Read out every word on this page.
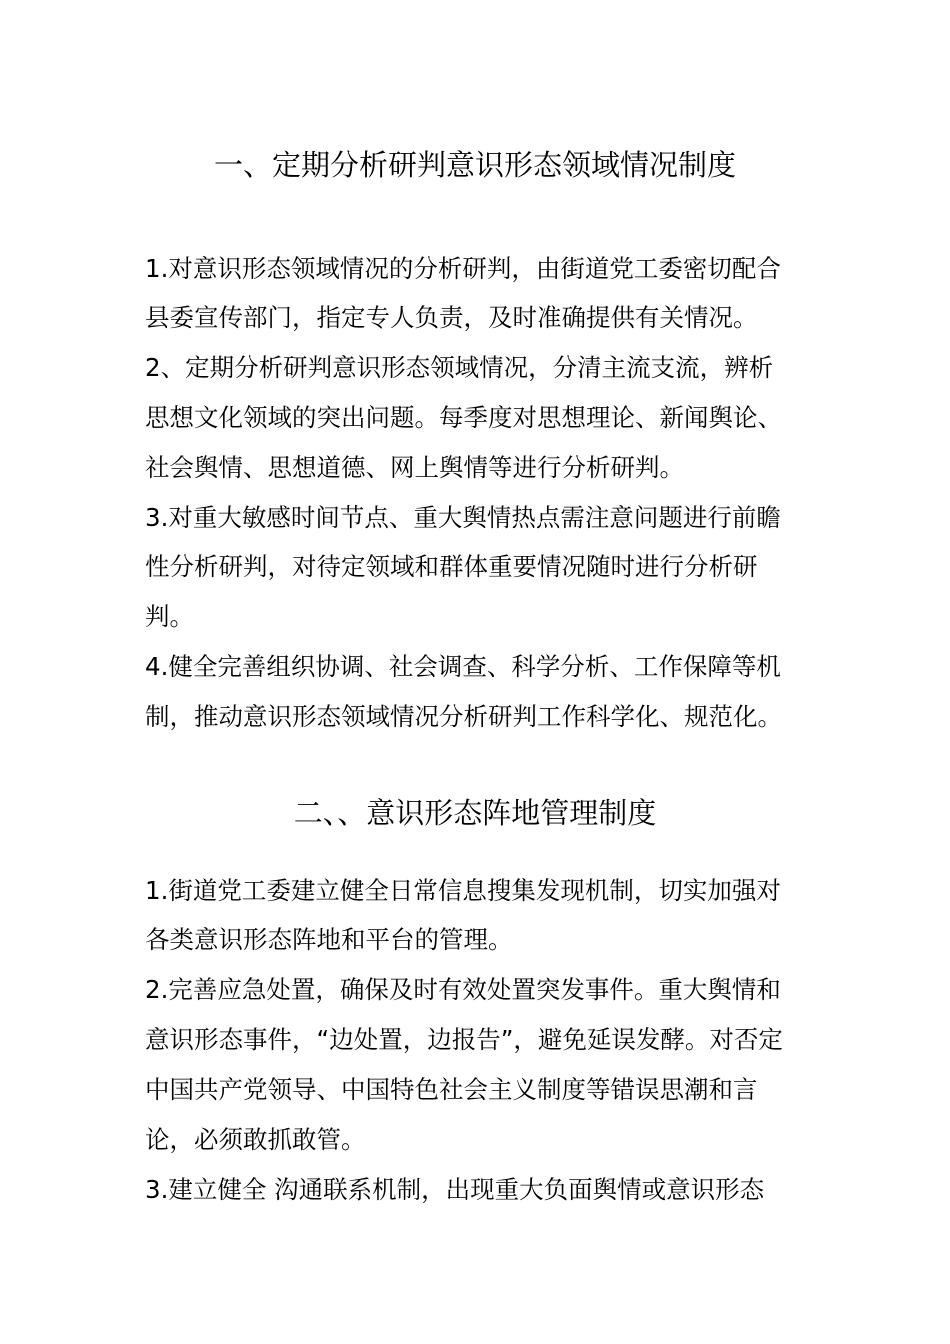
一、定期分析研判意识形态领域情况制度
1.对意识形态领域情况的分析研判，由街道党工委密切配合
县委宣传部门，指定专人负责，及时准确提供有关情况。
2、定期分析研判意识形态领域情况，分清主流支流，辨析
思想文化领域的突出问题。每季度对思想理论、新闻舆论、
社会舆情、思想道德、网上舆情等进行分析研判。
3.对重大敏感时间节点、重大舆情热点需注意问题进行前瞻
性分析研判，对待定领域和群体重要情况随时进行分析研
判。
4.健全完善组织协调、社会调查、科学分析、工作保障等机
制，推动意识形态领域情况分析研判工作科学化、规范化。
二、、意识形态阵地管理制度
1.街道党工委建立健全日常信息搜集发现机制，切实加强对
各类意识形态阵地和平台的管理。
2.完善应急处置，确保及时有效处置突发事件。重大舆情和
意识形态事件，“边处置，边报告”，避免延误发酵。对否定
中国共产党领导、中国特色社会主义制度等错误思潮和言
论，必须敢抓敢管。
3.建立健全 沟通联系机制，出现重大负面舆情或意识形态
